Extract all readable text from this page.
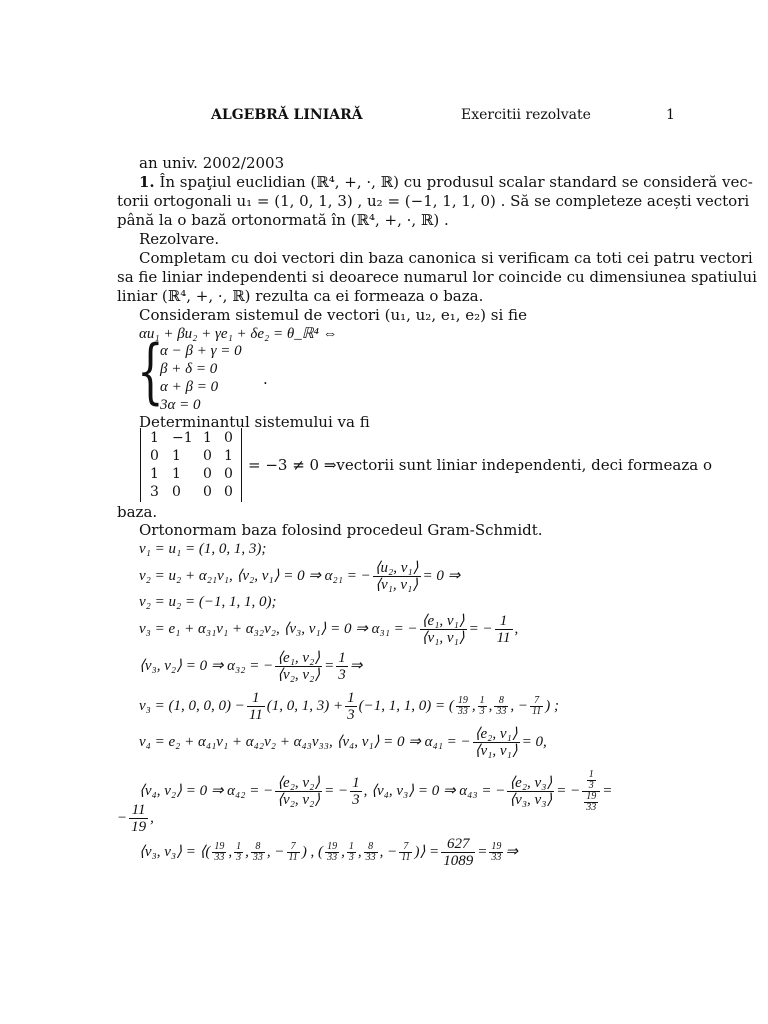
ALGEBRĂ LINIARĂ	Exercitii rezolvate	1
an univ. 2002/2003
1. În spaţiul euclidian (ℝ⁴, +, ·, ℝ) cu produsul scalar standard se consideră vec-
torii ortogonali u₁ = (1, 0, 1, 3) , u₂ = (−1, 1, 1, 0) . Să se completeze acești vectori
până la o bază ortonormată în (ℝ⁴, +, ·, ℝ) .
Rezolvare.
Completam cu doi vectori din baza canonica si verificam ca toti cei patru vectori
sa fie liniar independenti si deoarece numarul lor coincide cu dimensiunea spatiului
liniar (ℝ⁴, +, ·, ℝ) rezulta ca ei formeaza o baza.
Consideram sistemul de vectori (u₁, u₂, e₁, e₂) si fie
αu₁ + βu₂ + γe₁ + δe₂ = θ_ℝ⁴ ⇔
{
α − β + γ = 0
β + δ = 0
α + β = 0
3α = 0
.
Determinantul sistemului va fi
1 −1 1 0
0 1 0 1
1 1 0 0
3 0 0 0
= −3 ≠ 0 ⇒vectorii sunt liniar independenti, deci formeaza o
baza.
Ortonormam baza folosind procedeul Gram-Schmidt.
v₁ = u₁ = (1, 0, 1, 3);
v₂ = u₂ + α₂₁v₁, ⟨v₂, v₁⟩ = 0 ⇒ α₂₁ = − $\frac{\text{⟨u₂, v₁⟩}}{\text{⟨v₁, v₁⟩}} = 0$ ⇒
v₂ = u₂ = (−1, 1, 1, 0);
v₃ = e₁ + α₃₁v₁ + α₃₂v₂, ⟨v₃, v₁⟩ = 0 ⇒ α₃₁ = − $\frac{\text{⟨e₁, v₁⟩}}{\text{⟨v₁, v₁⟩}}$ = − $\frac{1}{11}$ ,
⟨v₃, v₂⟩ = 0 ⇒ α₃₂ = − $\frac{\text{⟨e₁, v₂⟩}}{\text{⟨v₂, v₂⟩}} = \frac{1}{3}$ ⇒
v₃ = (1, 0, 0, $0) - \frac{1}{11} (1$, 0, 1, $3) + \frac{1}{3} (-1$, 1, 1, 0) = ( $\frac{19}{33}$ , $\frac{1}{3}$ , $\frac{8}{33}$ , − $\frac{7}{11}$ ) ;
v₄ = e₂ + α₄₁v₁ + α₄₂v₂ + α₄₃v₃₃, ⟨v₄, v₁⟩ = 0 ⇒ α₄₁ = − $\frac{\text{⟨e₂, v₁⟩}}{\text{⟨v₁, v₁⟩}} = 0$,
⟨v₄, v₂⟩ = 0 ⇒ α₄₂ = − $\frac{\text{⟨e₂, v₂⟩}}{\text{⟨v₂, v₂⟩}}$ = − $\frac{1}{3}$ , ⟨v₄, v₃⟩ = 0 ⇒ α₄₃ = − $\frac{\text{⟨e₂, v₃⟩}}{\text{⟨v₃, v₃⟩}}$ = − $\frac{\frac{1}{3}}{\frac{19}{33}}$ =
− $\frac{11}{19}$ ,
⟨v₃, v₃⟩ = ⟨( $\frac{19}{33}$ , $\frac{1}{3}$ , $\frac{8}{33}$ , − $\frac{7}{11}$ ) , ( $\frac{19}{33}$ , $\frac{1}{3}$ , $\frac{8}{33}$ , − $\frac{7}{11}$ )⟩ = $\frac{627}{1089} = \frac{19}{33}$ ⇒
